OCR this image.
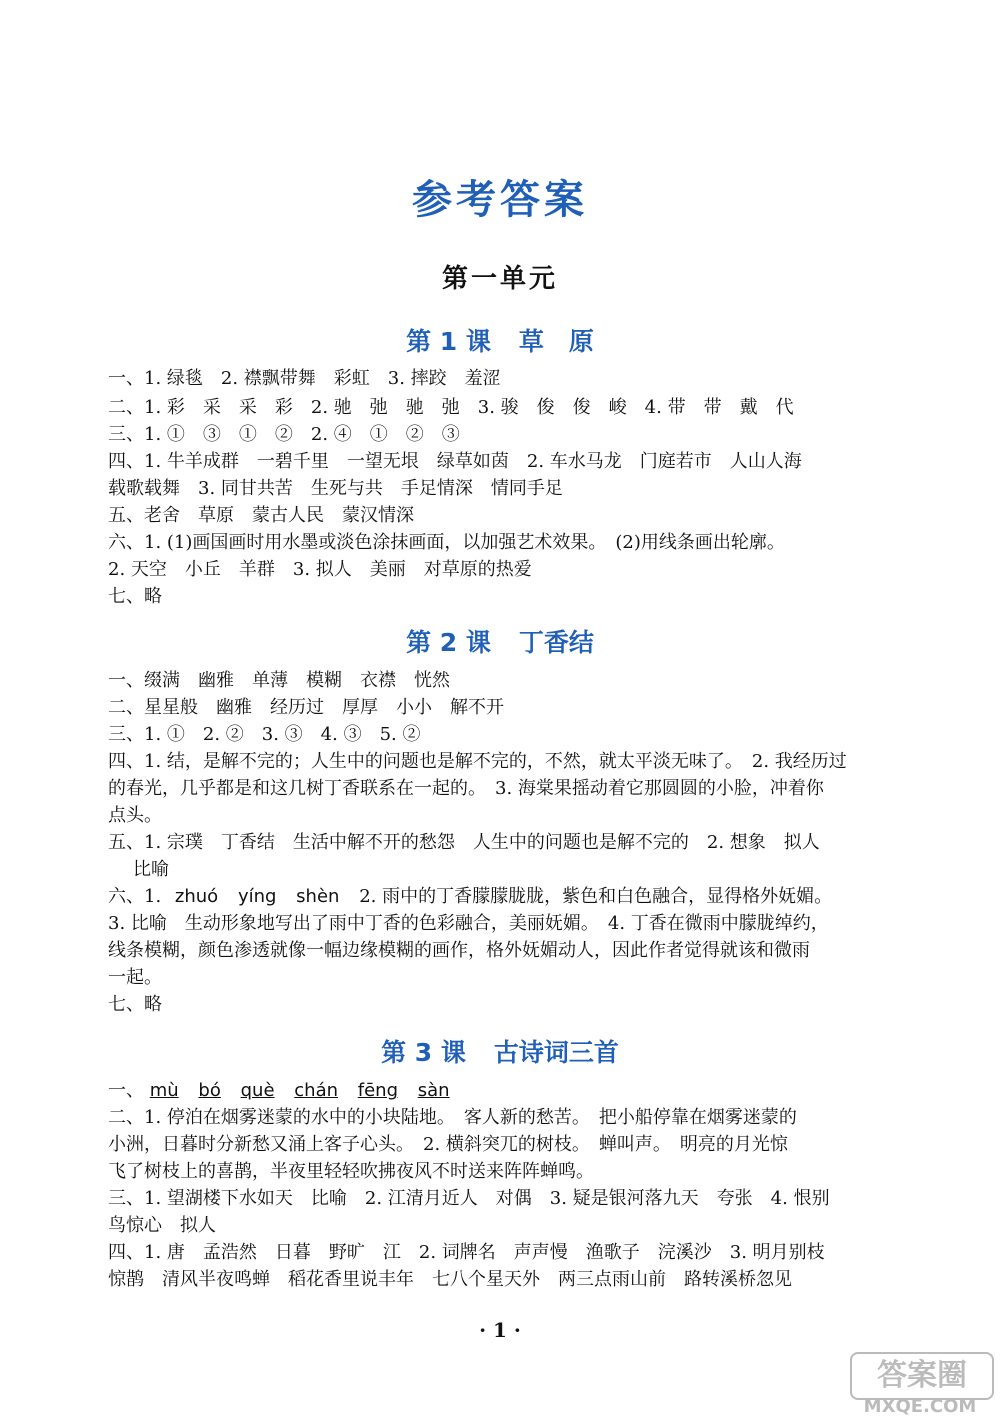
参考答案
第一单元
第 1 课 草　原
一、1. 绿毯　2. 襟飘带舞　彩虹　3. 摔跤　羞涩
二、1. 彩　采　采　彩　2. 驰　弛　驰　弛　3. 骏　俊　俊　峻　4. 带　带　戴　代
三、1. ①　③　①　②　2. ④　①　②　③
四、1. 牛羊成群　一碧千里　一望无垠　绿草如茵　2. 车水马龙　门庭若市　人山人海
载歌载舞　3. 同甘共苦　生死与共　手足情深　情同手足
五、老舍　草原　蒙古人民　蒙汉情深
六、1. (1)画国画时用水墨或淡色涂抹画面，以加强艺术效果。　(2)用线条画出轮廓。
2. 天空　小丘　羊群　3. 拟人　美丽　对草原的热爱
七、略
第 2 课 丁香结
一、缀满　幽雅　单薄　模糊　衣襟　恍然
二、星星般　幽雅　经历过　厚厚　小小　解不开
三、1. ①　2. ②　3. ③　4. ③　5. ②
四、1. 结，是解不完的；人生中的问题也是解不完的，不然，就太平淡无味了。　2. 我经历过
的春光，几乎都是和这几树丁香联系在一起的。　3. 海棠果摇动着它那圆圆的小脸，冲着你
点头。
五、1. 宗璞　丁香结　生活中解不开的愁怨　人生中的问题也是解不完的　2. 想象　拟人
比喻
六、1. zhuó yíng shèn 2. 雨中的丁香朦朦胧胧，紫色和白色融合，显得格外妩媚。
3. 比喻　生动形象地写出了雨中丁香的色彩融合，美丽妩媚。　4. 丁香在微雨中朦胧绰约，
线条模糊，颜色渗透就像一幅边缘模糊的画作，格外妩媚动人，因此作者觉得就该和微雨
一起。
七、略
第 3 课 古诗词三首
一、 mù bó què chán fēng sàn
二、1. 停泊在烟雾迷蒙的水中的小块陆地。　客人新的愁苦。　把小船停靠在烟雾迷蒙的
小洲，日暮时分新愁又涌上客子心头。　2. 横斜突兀的树枝。　蝉叫声。　明亮的月光惊
飞了树枝上的喜鹊，半夜里轻轻吹拂夜风不时送来阵阵蝉鸣。
三、1. 望湖楼下水如天　比喻　2. 江清月近人　对偶　3. 疑是银河落九天　夸张　4. 恨别
鸟惊心　拟人
四、1. 唐　孟浩然　日暮　野旷　江　2. 词牌名　声声慢　渔歌子　浣溪沙　3. 明月别枝
惊鹊　清风半夜鸣蝉　稻花香里说丰年　七八个星天外　两三点雨山前　路转溪桥忽见
· 1 ·
答案圈
MXQE.COM
